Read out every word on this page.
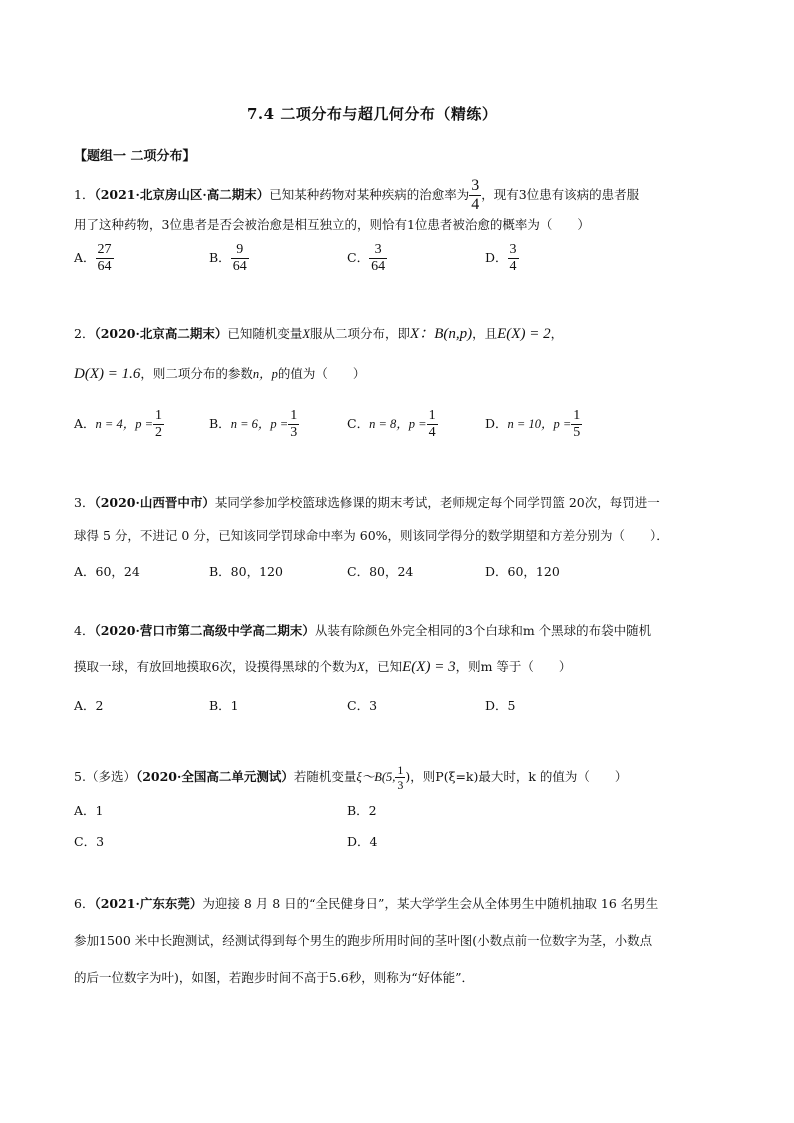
7.4 二项分布与超几何分布（精练）
【题组一 二项分布】
1．（2021·北京房山区·高二期末）已知某种药物对某种疾病的治愈率为 $\frac{3}{4}$ ，现有3位患有该病的患者服
用了这种药物，3位患者是否会被治愈是相互独立的，则恰有1位患者被治愈的概率为（　　）
A． $\frac{27}{64}$	B． $\frac{9}{64}$	C． $\frac{3}{64}$	D． $\frac{3}{4}$
2．（2020·北京高二期末）已知随机变量X服从二项分布，即X：B(n,p)，且E(X) = 2，
D(X) = 1.6，则二项分布的参数n，p的值为（　　）
A．n = 4，$p = \frac{1}{2}$	B．n = 6，$p = \frac{1}{3}$	C．n = 8，$p = \frac{1}{4}$	D．n = 10，$p = \frac{1}{5}$
3．（2020·山西晋中市）某同学参加学校篮球选修课的期末考试，老师规定每个同学罚篮 20次，每罚进一
球得 5 分，不进记 0 分，已知该同学罚球命中率为 60%，则该同学得分的数学期望和方差分别为（　　）．
A．60，24	B．80，120	C．80，24	D．60，120
4．（2020·营口市第二高级中学高二期末）从装有除颜色外完全相同的3个白球和m 个黑球的布袋中随机
摸取一球，有放回地摸取6次，设摸得黑球的个数为X，已知E(X) = 3，则m 等于（　　）
A．2	B．1	C．3	D．5
5.（多选）（2020·全国高二单元测试）若随机变量ξ～B(5, $\frac{1}{3}$ )，则P(ξ=k)最大时，k 的值为（　　）
A．1	B．2
C．3	D．4
6．（2021·广东东莞）为迎接 8 月 8 日的“全民健身日”，某大学学生会从全体男生中随机抽取 16 名男生
参加1500 米中长跑测试，经测试得到每个男生的跑步所用时间的茎叶图(小数点前一位数字为茎，小数点
的后一位数字为叶)，如图，若跑步时间不高于5.6秒，则称为“好体能”．
